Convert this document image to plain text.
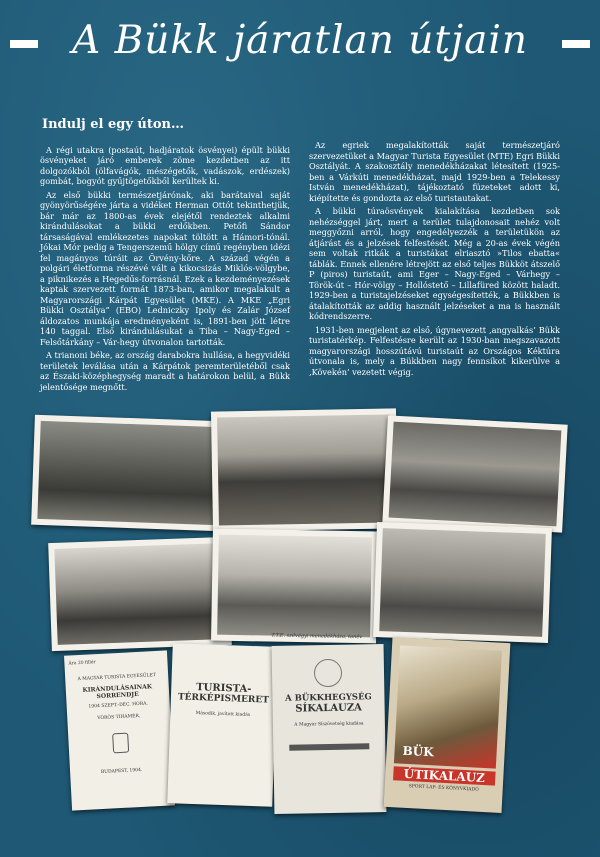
A Bükk járatlan útjain
Indulj el egy úton…

A régi utakra (postaút, hadjáratok ösvényei) épült bükki ösvényeket járó emberek zöme kezdetben az itt dolgozókból (ölfavágók, mészégetők, vadászok, erdészek) gombát, bogyót gyűjtögetőkből kerültek ki.

Az első bükki természetjárónak, aki barátaival saját gyönyörűségére járta a vidéket Herman Ottót tekinthetjük, bár már az 1800-as évek elejétől rendeztek alkalmi kirándulásokat a bükki erdőkben. Petőfi Sándor társaságával emlékezetes napokat töltött a Hámori-tónál. Jókai Mór pedig a Tengerszemű hölgy című regényben idézi fel magányos túráit az Örvény-kőre. A század végén a polgári életforma részévé vált a kikocsizás Miklós-völgybe, a piknikezés a Hegedűs-forrásnál. Ezek a kezdeményezések kaptak szervezett formát 1873-ban, amikor megalakult a Magyarországi Kárpát Egyesület (MKE). A MKE „Egri Bükki Osztálya” (EBO) Ledniczky Ipoly és Zalár József áldozatos munkája eredményeként is, 1891-ben jött létre 140 taggal. Első kirándulásukat a Tiba – Nagy-Eged – Felsőtárkány – Vár-hegy útvonalon tartották.

A trianoni béke, az ország darabokra hullása, a hegyvidéki területek leválása után a Kárpátok peremterületéből csak az Északi-középhegység maradt a határokon belül, a Bükk jelentősége megnőtt.

Az egriek megalakították saját természetjáró szervezetüket a Magyar Turista Egyesület (MTE) Egri Bükki Osztályát. A szakosztály menedékházakat létesített (1925-ben a Várkúti menedékházat, majd 1929-ben a Telekessy István menedékházat), tájékoztató füzeteket adott ki, kiépítette és gondozta az első turistautakat.

A bükki túraösvények kialakítása kezdetben sok nehézséggel járt, mert a terület tulajdonosait nehéz volt meggyőzni arról, hogy engedélyezzék a területükön az átjárást és a jelzések felfestését. Még a 20-as évek végén sem voltak ritkák a turistákat elriasztó »Tilos ebatta« táblák. Ennek ellenére létrejött az első teljes Bükköt átszelő P (piros) turistaút, ami Eger – Nagy-Eged – Várhegy – Török-út – Hór-völgy – Hollóstető – Lillafüred között haladt. 1929-ben a turistajelzéseket egységesítették, a Bükkben is átalakították az addig használt jelzéseket a ma is használt kódrendszerre.

1931-ben megjelent az első, úgynevezett ‚angyalkás’ Bükk turistatérkép. Felfestésre került az 1930-ban megszavazott magyarországi hosszútávú turistaút az Országos Kéktúra útvonala is, mely a Bükkben nagy fennsíkot kikerülve a ‚Kövekén’ vezetett végig.

T.T.E. szilvágyi menedékháza, tanév
Ára 20 fillér
A MAGYAR TURISTA EGYESÜLET
KIRÁNDULÁSAINAK SORRENDJE
1904 SZEPT.-DEC. HÓRA.
VÖRÖS TIHAMÉR,
BUDAPEST, 1904.
TURISTA-
TÉRKÉPISMERET
Második, javított kiadás
A BÜKKHEGYSÉG
SÍKALAUZA
A Magyar Síszövetség kiadása
BÜK
ÚTIKALAUZ
SPORT LAP- ÉS KÖNYVKIADÓ
